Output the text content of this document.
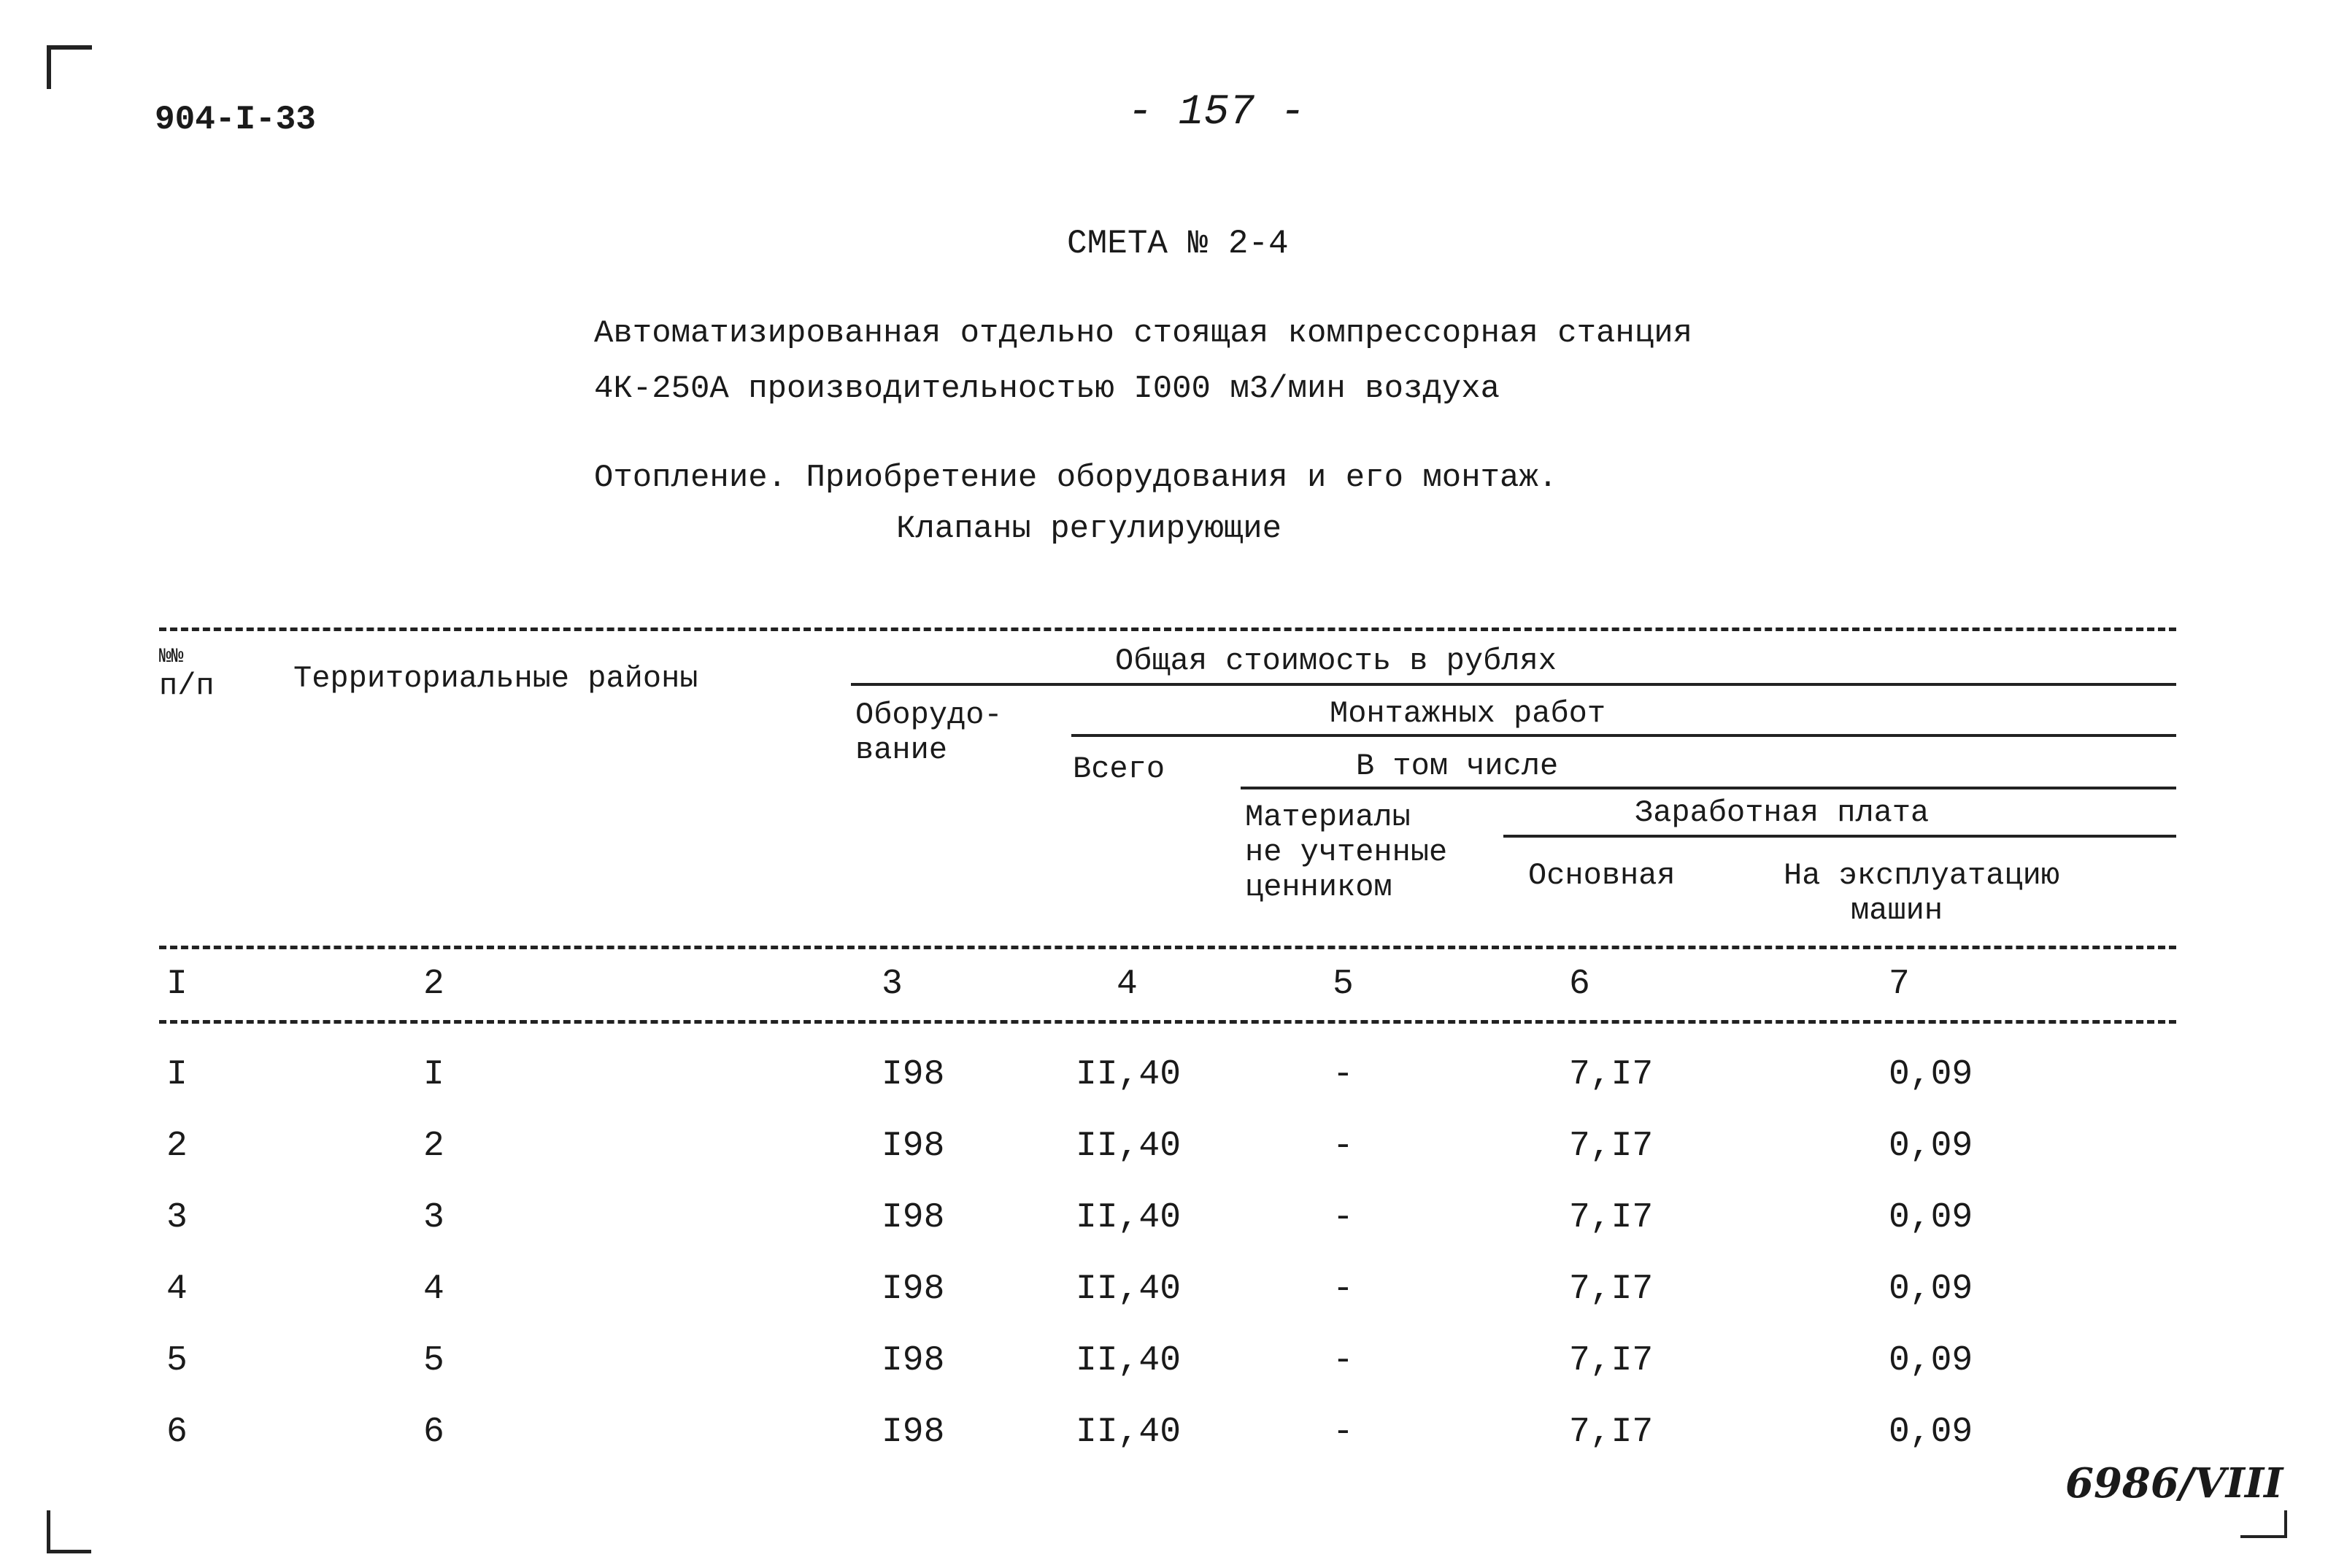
904-I-33	- 157 -
СМЕТА № 2-4
Автоматизированная отдельно стоящая компрессорная станция
4К-250А производительностью I000 м3/мин воздуха
Отопление. Приобретение оборудования и его монтаж.
Клапаны регулирующие
№№
п/п	Территориальные районы	Общая стоимость в рублях
Оборудо-
вание
Монтажных работ
Всего	В том числе
Материалы
не учтенные
ценником
Заработная плата
Основная	На эксплуатацию
машин
I	2	3	4	5	6	7
I	I	I98	II,40	-	7,I7	0,09
2	2	I98	II,40	-	7,I7	0,09
3	3	I98	II,40	-	7,I7	0,09
4	4	I98	II,40	-	7,I7	0,09
5	5	I98	II,40	-	7,I7	0,09
6	6	I98	II,40	-	7,I7	0,09
6986/VIII
